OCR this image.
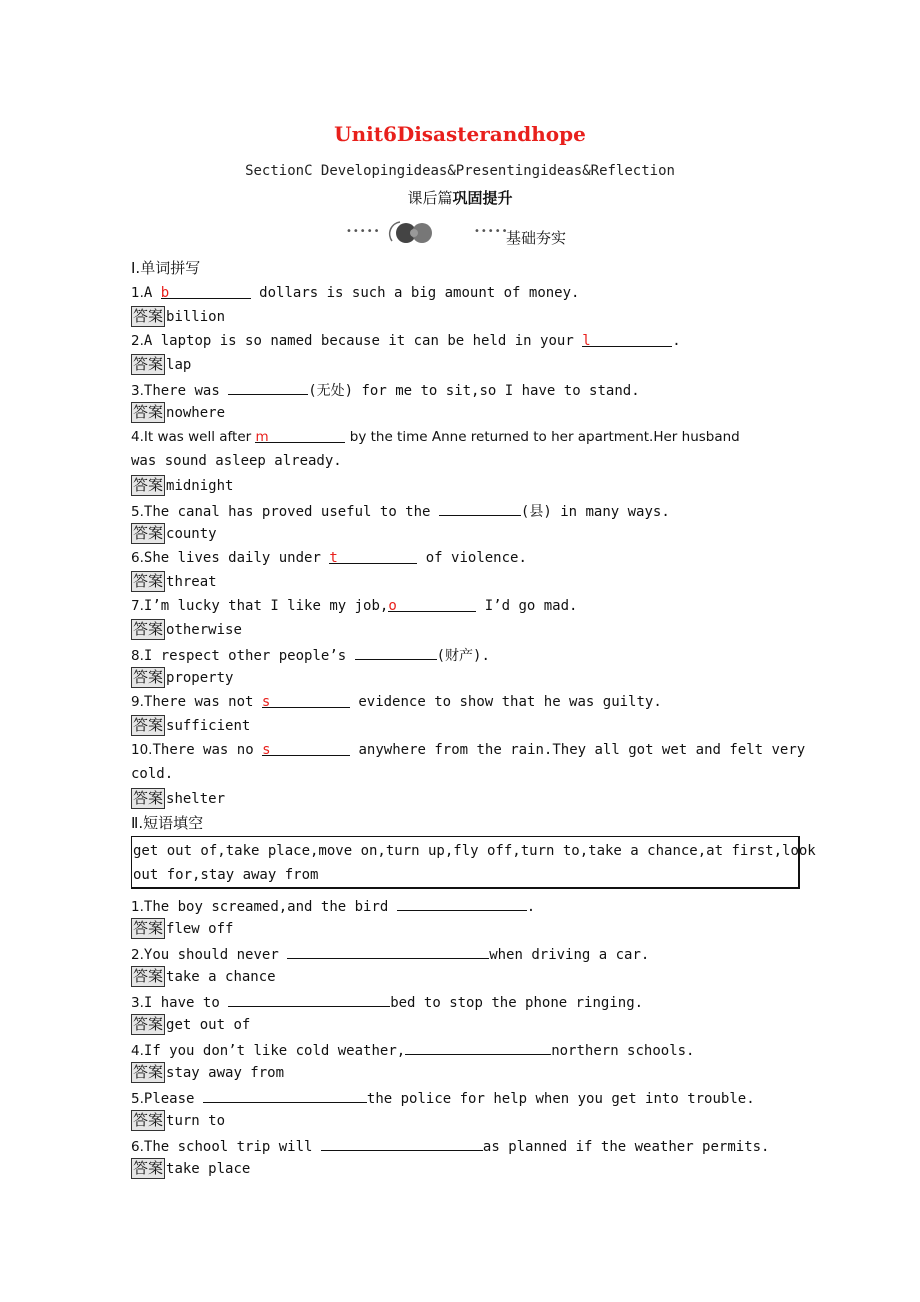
Unit6Disasterandhope
SectionC Developingideas&Presentingideas&Reflection
课后篇巩固提升
•••••	•••••
基础夯实
Ⅰ.单词拼写
1.A b	dollars is such a big amount of money.
答案 billion
2.A laptop is so named because it can be held in your l	.
答案 lap
3.There was	(无处) for me to sit,so I have to stand.
答案 nowhere
4.It was well after m	by the time Anne returned to her apartment.Her husband
was sound asleep already.
答案 midnight
5.The canal has proved useful to the	(县) in many ways.
答案 county
6.She lives daily under t	of violence.
答案 threat
7.I’m lucky that I like my job,o	I’d go mad.
答案 otherwise
8.I respect other people’s	(财产).
答案 property
9.There was not s	evidence to show that he was guilty.
答案 sufficient
10.There was no s	anywhere from the rain.They all got wet and felt very
cold.
答案 shelter
Ⅱ.短语填空
get out of,take place,move on,turn up,fly off,turn to,take a chance,at first,look
out for,stay away from
1.The boy screamed,and the bird	.
答案 flew off
2.You should never	when driving a car.
答案 take a chance
3.I have to	bed to stop the phone ringing.
答案 get out of
4.If you don’t like cold weather,	northern schools.
答案 stay away from
5.Please	the police for help when you get into trouble.
答案 turn to
6.The school trip will	as planned if the weather permits.
答案 take place
